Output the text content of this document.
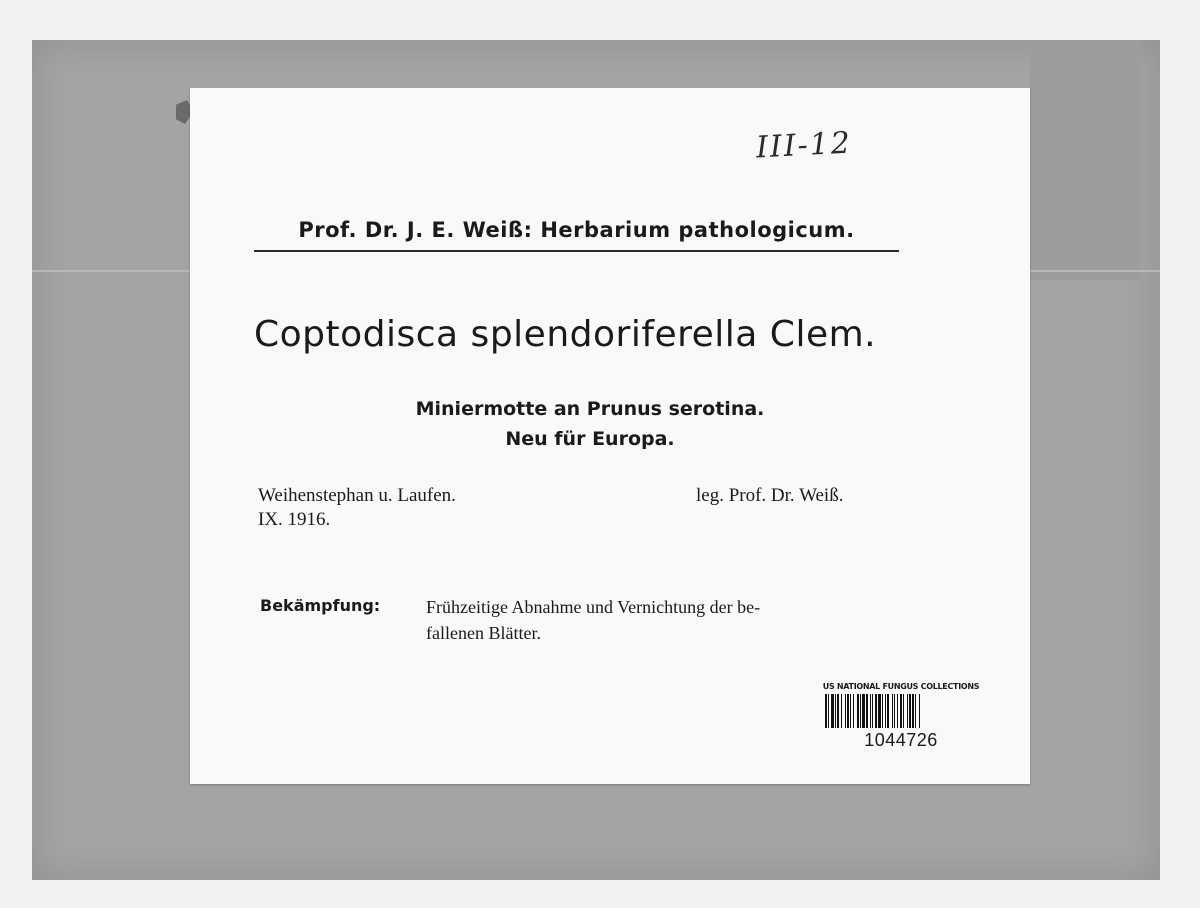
III-12
Prof. Dr. J. E. Weiß: Herbarium pathologicum.
Coptodisca splendoriferella Clem.
Miniermotte an Prunus serotina.
Neu für Europa.
Weihenstephan u. Laufen.
IX. 1916.
leg. Prof. Dr. Weiß.
Bekämpfung:	Frühzeitige Abnahme und Vernichtung der be-
fallenen Blätter.
US NATIONAL FUNGUS COLLECTIONS
1044726
